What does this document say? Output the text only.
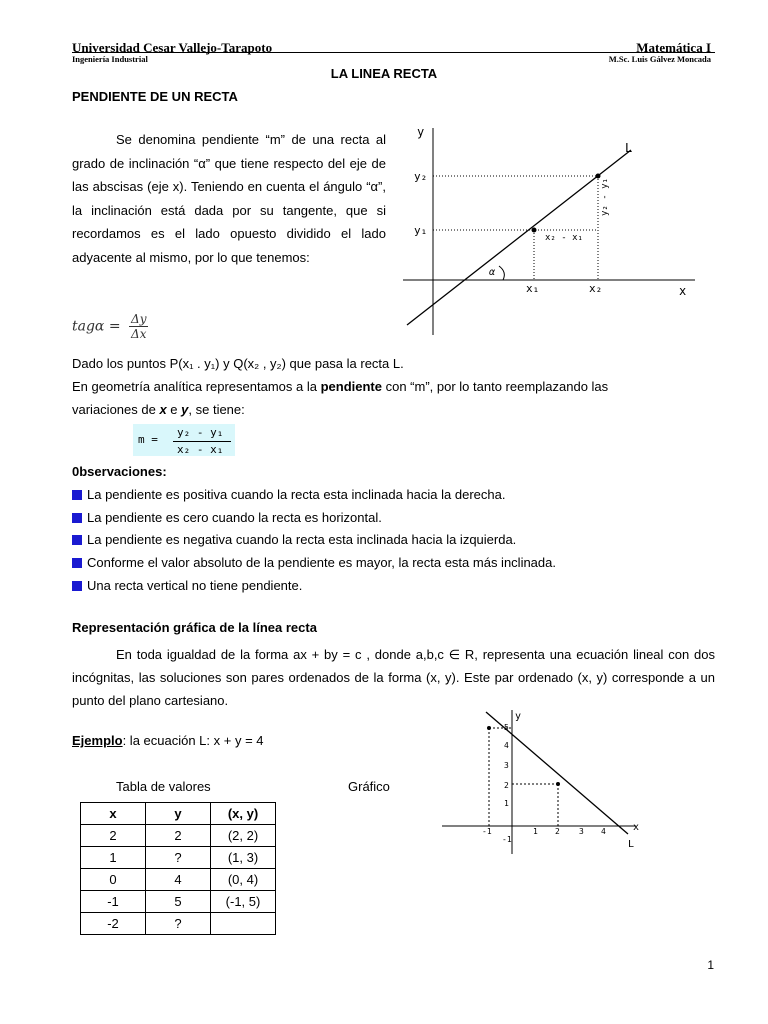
Universidad Cesar Vallejo-Tarapoto
Ingeniería Industrial
Matemática I
M.Sc. Luis Gálvez Moncada
LA LINEA RECTA
PENDIENTE DE UN RECTA

Se denomina pendiente “m” de una recta al grado de inclinación “α” que tiene respecto del eje de las abscisas (eje x). Teniendo en cuenta el ángulo “α”, la inclinación está dada por su tangente, que si recordamos es el lado opuesto dividido el lado adyacente al mismo, por lo que tenemos:

y
x
L
y₂
y₁
x₁	x₂
x₂ - x₁
y₂ - y₁
α
$tag\alpha = \frac{\Delta y}{\Delta x}$
Dado los puntos P(x₁ . y₁) y Q(x₂ , y₂) que pasa la recta L.
En geometría analítica representamos a la pendiente con “m”, por lo tanto reemplazando las
variaciones de x e y, se tiene:
m =
y₂ - y₁
x₂ - x₁
0bservaciones:
La pendiente es positiva cuando la recta esta inclinada hacia la derecha.
La pendiente es cero cuando la recta es horizontal.
La pendiente es negativa cuando la recta esta inclinada hacia la izquierda.
Conforme el valor absoluto de la pendiente es mayor, la recta esta más inclinada.
Una recta vertical no tiene pendiente.
Representación gráfica de la línea recta

En toda igualdad de la forma ax + by = c , donde a,b,c ∈ R, representa una ecuación lineal con dos incógnitas, las soluciones son pares ordenados de la forma (x, y). Este par ordenado (x, y) corresponde a un punto del plano cartesiano.

Ejemplo: la ecuación L: x + y = 4
Tabla de valores	Gráfico
x	y	(x, y)
2	2	(2, 2)
1	?	(1, 3)
0	4	(0, 4)
-1	5	(-1, 5)
-2	?	
y
x
L
-1	1 2 3 4
5
4
3
2
1
-1
1
